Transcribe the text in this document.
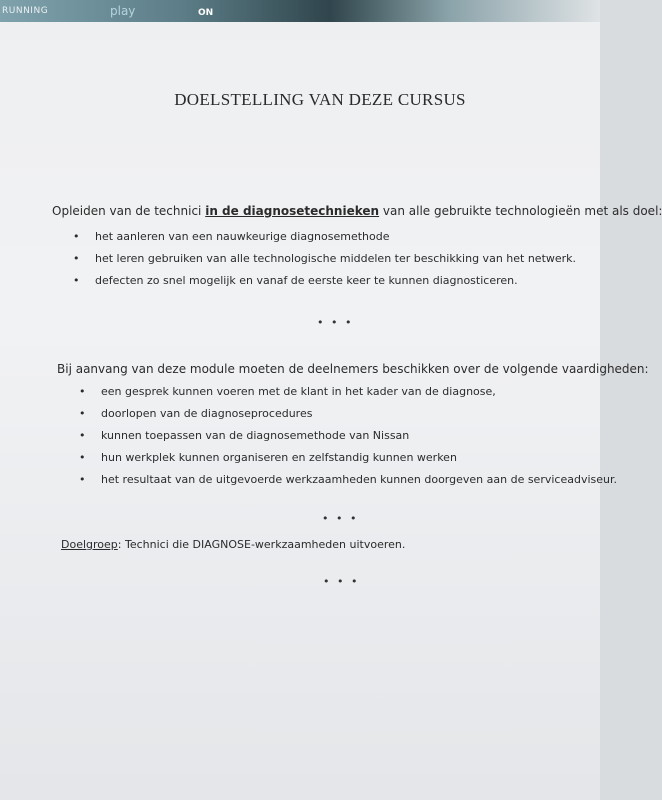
RUNNING	play	ON
DOELSTELLING VAN DEZE CURSUS
Opleiden van de technici in de diagnosetechnieken van alle gebruikte technologieën met als doel:
• het aanleren van een nauwkeurige diagnosemethode
• het leren gebruiken van alle technologische middelen ter beschikking van het netwerk.
• defecten zo snel mogelijk en vanaf de eerste keer te kunnen diagnosticeren.
• • •
Bij aanvang van deze module moeten de deelnemers beschikken over de volgende vaardigheden:
• een gesprek kunnen voeren met de klant in het kader van de diagnose,
• doorlopen van de diagnoseprocedures
• kunnen toepassen van de diagnosemethode van Nissan
• hun werkplek kunnen organiseren en zelfstandig kunnen werken
• het resultaat van de uitgevoerde werkzaamheden kunnen doorgeven aan de serviceadviseur.
• • •
Doelgroep: Technici die DIAGNOSE-werkzaamheden uitvoeren.
• • •
